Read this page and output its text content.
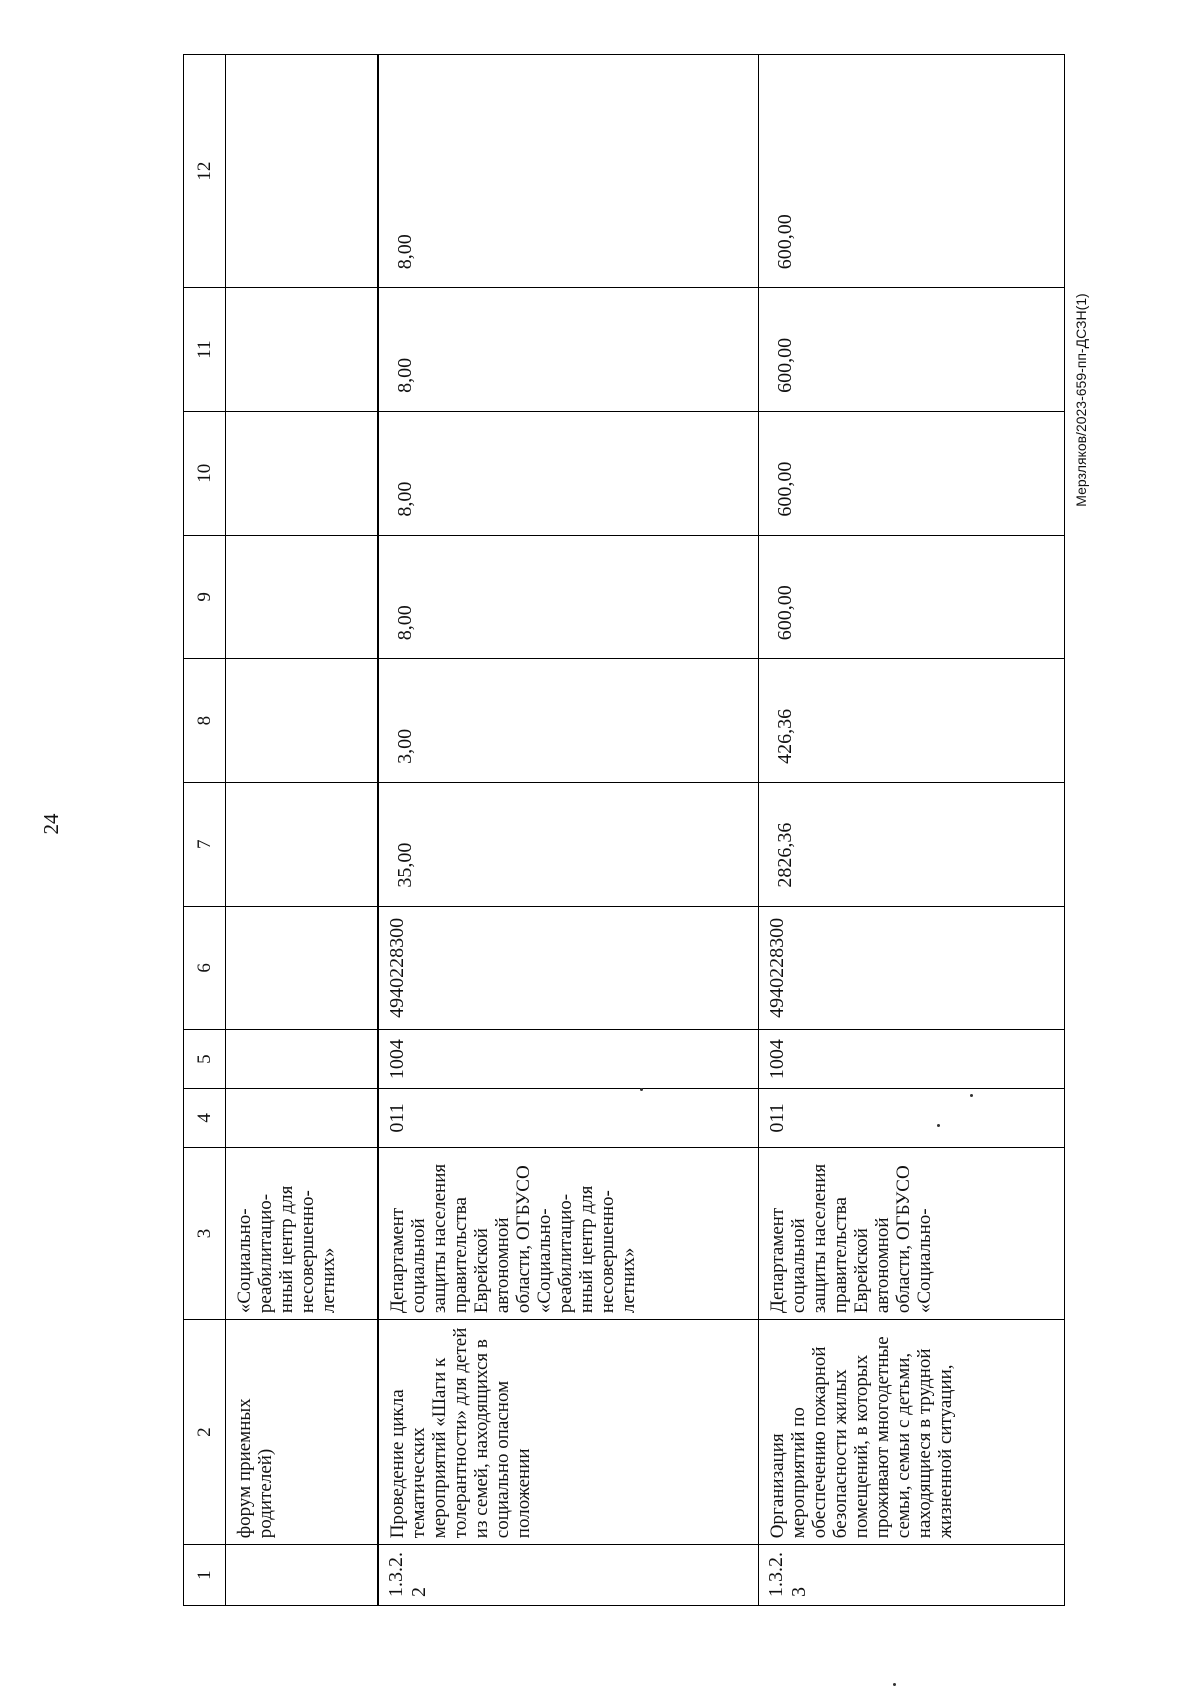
24
Мерзляков/2023-659-пп-ДСЗН(1)
1	2	3	4	5	6	7	8	9	10	11	12
	форум приемных родителей)	«Социально-реабилитацио-нный центр для несовершенно-летних»									
1.3.2.2	Проведение цикла тематических мероприятий «Шаги к толерантности» для детей из семей, находящихся в социально опасном положении	Департамент социальной защиты населения правительства Еврейской автономной области, ОГБУСО «Социально-реабилитацио-нный центр для несовершенно-летних»	011	1004	4940228300	35,00	3,00	8,00	8,00	8,00	8,00
1.3.2.3	Организация мероприятий по обеспечению пожарной безопасности жилых помещений, в которых проживают многодетные семьи, семьи с детьми, находящиеся в трудной жизненной ситуации,	Департамент социальной защиты населения правительства Еврейской автономной области, ОГБУСО «Социально-	011	1004	4940228300	2826,36	426,36	600,00	600,00	600,00	600,00
